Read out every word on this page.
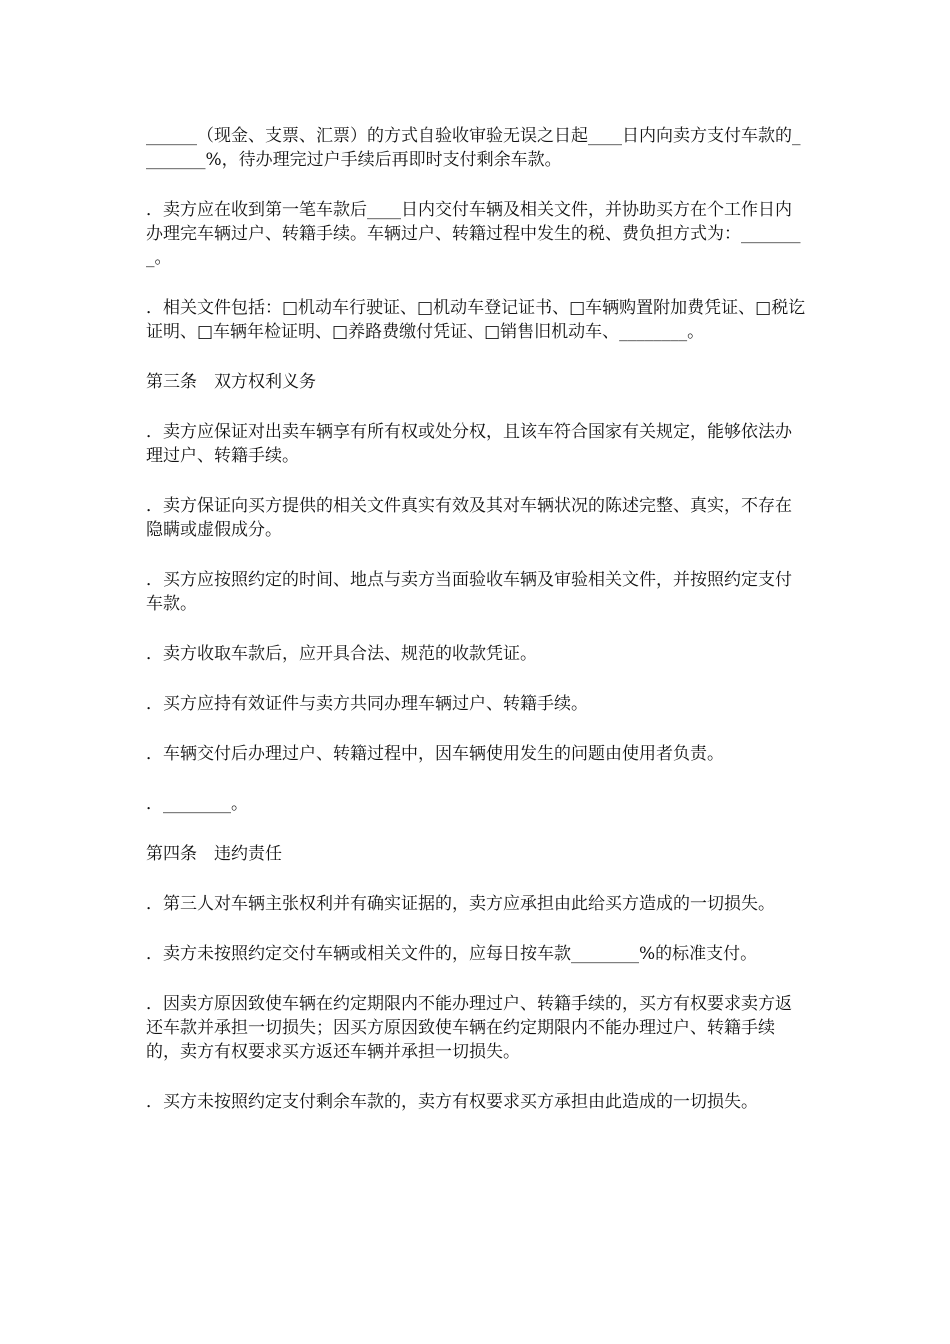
______（现金、支票、汇票）的方式自验收审验无误之日起____日内向卖方支付车款的________%，待办理完过户手续后再即时支付剩余车款。

．卖方应在收到第一笔车款后____日内交付车辆及相关文件，并协助买方在个工作日内办理完车辆过户、转籍手续。车辆过户、转籍过程中发生的税、费负担方式为：________。

．相关文件包括：□机动车行驶证、□机动车登记证书、□车辆购置附加费凭证、□税讫证明、□车辆年检证明、□养路费缴付凭证、□销售旧机动车、________。

第三条　双方权利义务

．卖方应保证对出卖车辆享有所有权或处分权，且该车符合国家有关规定，能够依法办理过户、转籍手续。

．卖方保证向买方提供的相关文件真实有效及其对车辆状况的陈述完整、真实，不存在隐瞒或虚假成分。

．买方应按照约定的时间、地点与卖方当面验收车辆及审验相关文件，并按照约定支付车款。

．卖方收取车款后，应开具合法、规范的收款凭证。

．买方应持有效证件与卖方共同办理车辆过户、转籍手续。

．车辆交付后办理过户、转籍过程中，因车辆使用发生的问题由使用者负责。

．________。

第四条　违约责任

．第三人对车辆主张权利并有确实证据的，卖方应承担由此给买方造成的一切损失。

．卖方未按照约定交付车辆或相关文件的，应每日按车款________%的标准支付。

．因卖方原因致使车辆在约定期限内不能办理过户、转籍手续的，买方有权要求卖方返还车款并承担一切损失；因买方原因致使车辆在约定期限内不能办理过户、转籍手续的，卖方有权要求买方返还车辆并承担一切损失。

．买方未按照约定支付剩余车款的，卖方有权要求买方承担由此造成的一切损失。
